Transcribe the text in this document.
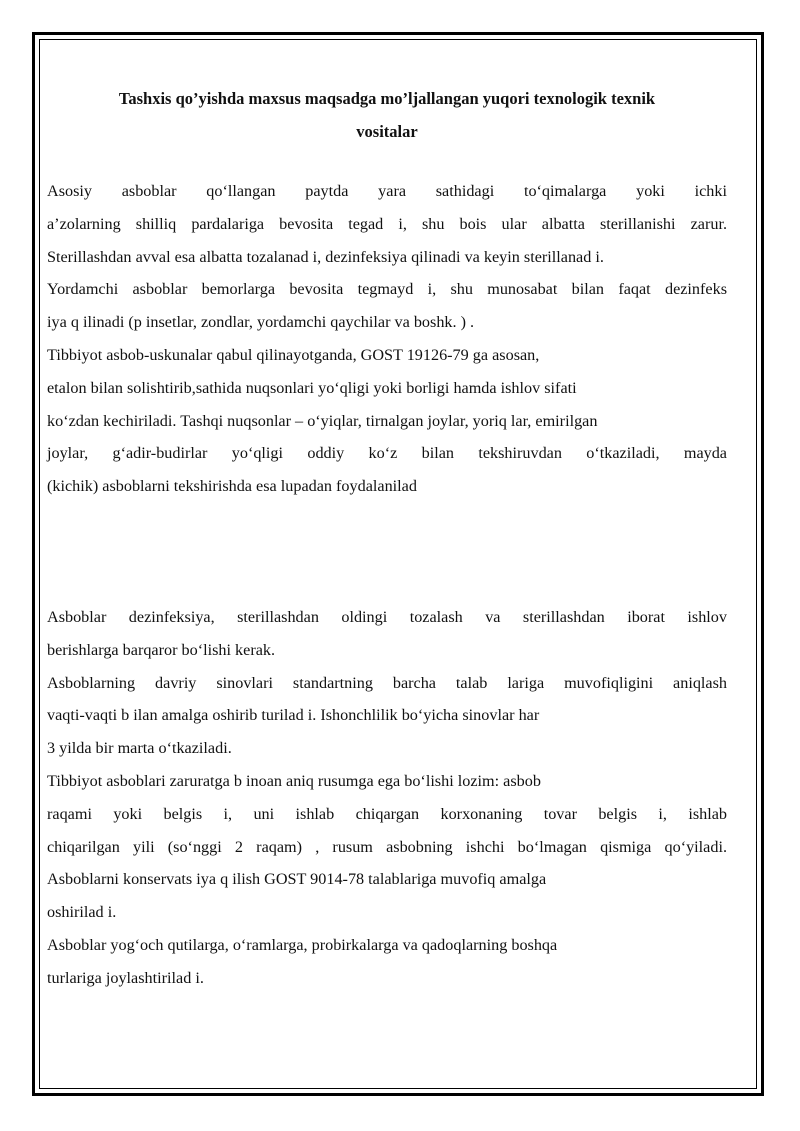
Tashxis qo’yishda maxsus maqsadga mo’ljallangan yuqori texnologik texnik
vositalar
Asosiy asboblar qo‘llangan paytda yara sathidagi to‘qimalarga yoki ichki
a’zolarning shilliq pardalariga bevosita tegad i, shu bois ular albatta sterillanishi zarur.
Sterillashdan avval esa albatta tozalanad i, dezinfeksiya qilinadi va keyin sterillanad i.
Yordamchi asboblar bemorlarga bevosita tegmayd i, shu munosabat bilan faqat dezinfeks
iya q ilinadi (p insetlar, zondlar, yordamchi qaychilar va boshk. ) .
Tibbiyot asbob-uskunalar qabul qilinayotganda, GOST 19126-79 ga asosan,
etalon bilan solishtirib,sathida nuqsonlari yo‘qligi yoki borligi hamda ishlov sifati
ko‘zdan kechiriladi. Tashqi nuqsonlar – o‘yiqlar, tirnalgan joylar, yoriq lar, emirilgan
joylar, g‘adir-budirlar yo‘qligi oddiy ko‘z bilan tekshiruvdan o‘tkaziladi, mayda
(kichik) asboblarni tekshirishda esa lupadan foydalanilad
Asboblar dezinfeksiya, sterillashdan oldingi tozalash va sterillashdan iborat ishlov
berishlarga barqaror bo‘lishi kerak.
Asboblarning davriy sinovlari standartning barcha talab lariga muvofiqligini aniqlash
vaqti-vaqti b ilan amalga oshirib turilad i. Ishonchlilik bo‘yicha sinovlar har
3 yilda bir marta o‘tkaziladi.
Tibbiyot asboblari zaruratga b inoan aniq rusumga ega bo‘lishi lozim: asbob
raqami yoki belgis i, uni ishlab chiqargan korxonaning tovar belgis i, ishlab
chiqarilgan yili (so‘nggi 2 raqam) , rusum asbobning ishchi bo‘lmagan qismiga qo‘yiladi.
Asboblarni konservats iya q ilish GOST 9014-78 talablariga muvofiq amalga
oshirilad i.
Asboblar yog‘och qutilarga, o‘ramlarga, probirkalarga va qadoqlarning boshqa
turlariga joylashtirilad i.
